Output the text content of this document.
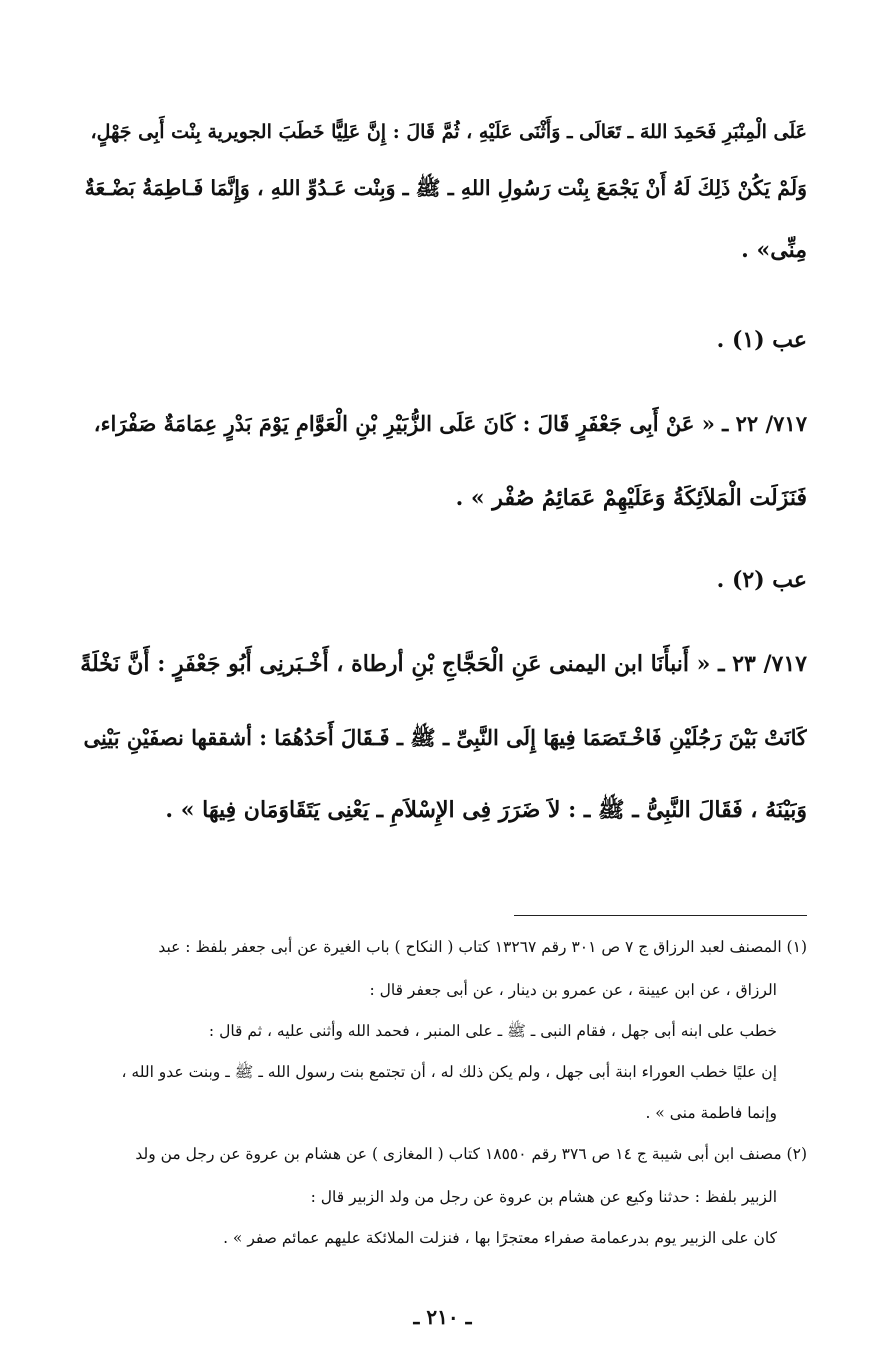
عَلَى الْمِنْبَرِ فَحَمِدَ اللهَ ـ تَعَالَى ـ وَأَثْنَى عَلَيْهِ ، ثُمَّ قَالَ : إِنَّ عَلِيًّا خَطَبَ الجويرية بِنْت أَبِى جَهْلٍ،
وَلَمْ يَكُنْ ذَلِكَ لَهُ أَنْ يَجْمَعَ بِنْت رَسُولِ اللهِ ـ ﷺ ـ وَبِنْت عَـدُوِّ اللهِ ، وَإِنَّمَا فَـاطِمَةُ بَضْـعَةٌ
مِنِّى» .
عب (١) .
٧١٧/ ٢٢ ـ « عَنْ أَبِى جَعْفَرٍ قَالَ : كَانَ عَلَى الزُّبَيْرِ بْنِ الْعَوَّامِ يَوْمَ بَدْرٍ عِمَامَةٌ صَفْرَاء،
فَنَزَلَت الْمَلاَئِكَةُ وَعَلَيْهِمْ عَمَائِمُ صُفْر » .
عب (٢) .
٧١٧/ ٢٣ ـ « أَنبأَنَا ابن اليمنى عَنِ الْحَجَّاجِ بْنِ أرطاة ، أَخْـبَرنِى أَبُو جَعْفَرٍ : أَنَّ نَخْلَةً
كَانَتْ بَيْنَ رَجُلَيْنِ فَاخْـتَصَمَا فِيهَا إِلَى النَّبِىِّ ـ ﷺ ـ فَـقَالَ أَحَدُهُمَا : أشققها نصفَيْنِ بَيْنِى
وَبَيْنَهُ ، فَقَالَ النَّبِىُّ ـ ﷺ ـ : لاَ ضَرَرَ فِى الإِسْلاَمِ ـ يَعْنِى يَتَقَاوَمَان فِيهَا » .
(١) المصنف لعبد الرزاق ج ٧ ص ٣٠١ رقم ١٣٢٦٧ كتاب ( النكاح ) باب الغيرة عن أبى جعفر بلفظ : عبد
الرزاق ، عن ابن عيينة ، عن عمرو بن دينار ، عن أبى جعفر قال :
خطب على ابنه أبى جهل ، فقام النبى ـ ﷺ ـ على المنبر ، فحمد الله وأثنى عليه ، ثم قال :
إن عليًا خطب العوراء ابنة أبى جهل ، ولم يكن ذلك له ، أن تجتمع بنت رسول الله ـ ﷺ ـ وبنت عدو الله ،
وإنما فاطمة منى » .
(٢) مصنف ابن أبى شيبة ج ١٤ ص ٣٧٦ رقم ١٨٥٥٠ كتاب ( المغازى ) عن هشام بن عروة عن رجل من ولد
الزبير بلفظ : حدثنا وكيع عن هشام بن عروة عن رجل من ولد الزبير قال :
كان على الزبير يوم بدرعمامة صفراء معتجرًا بها ، فنزلت الملائكة عليهم عمائم صفر » .
ـ ٢١٠ ـ
